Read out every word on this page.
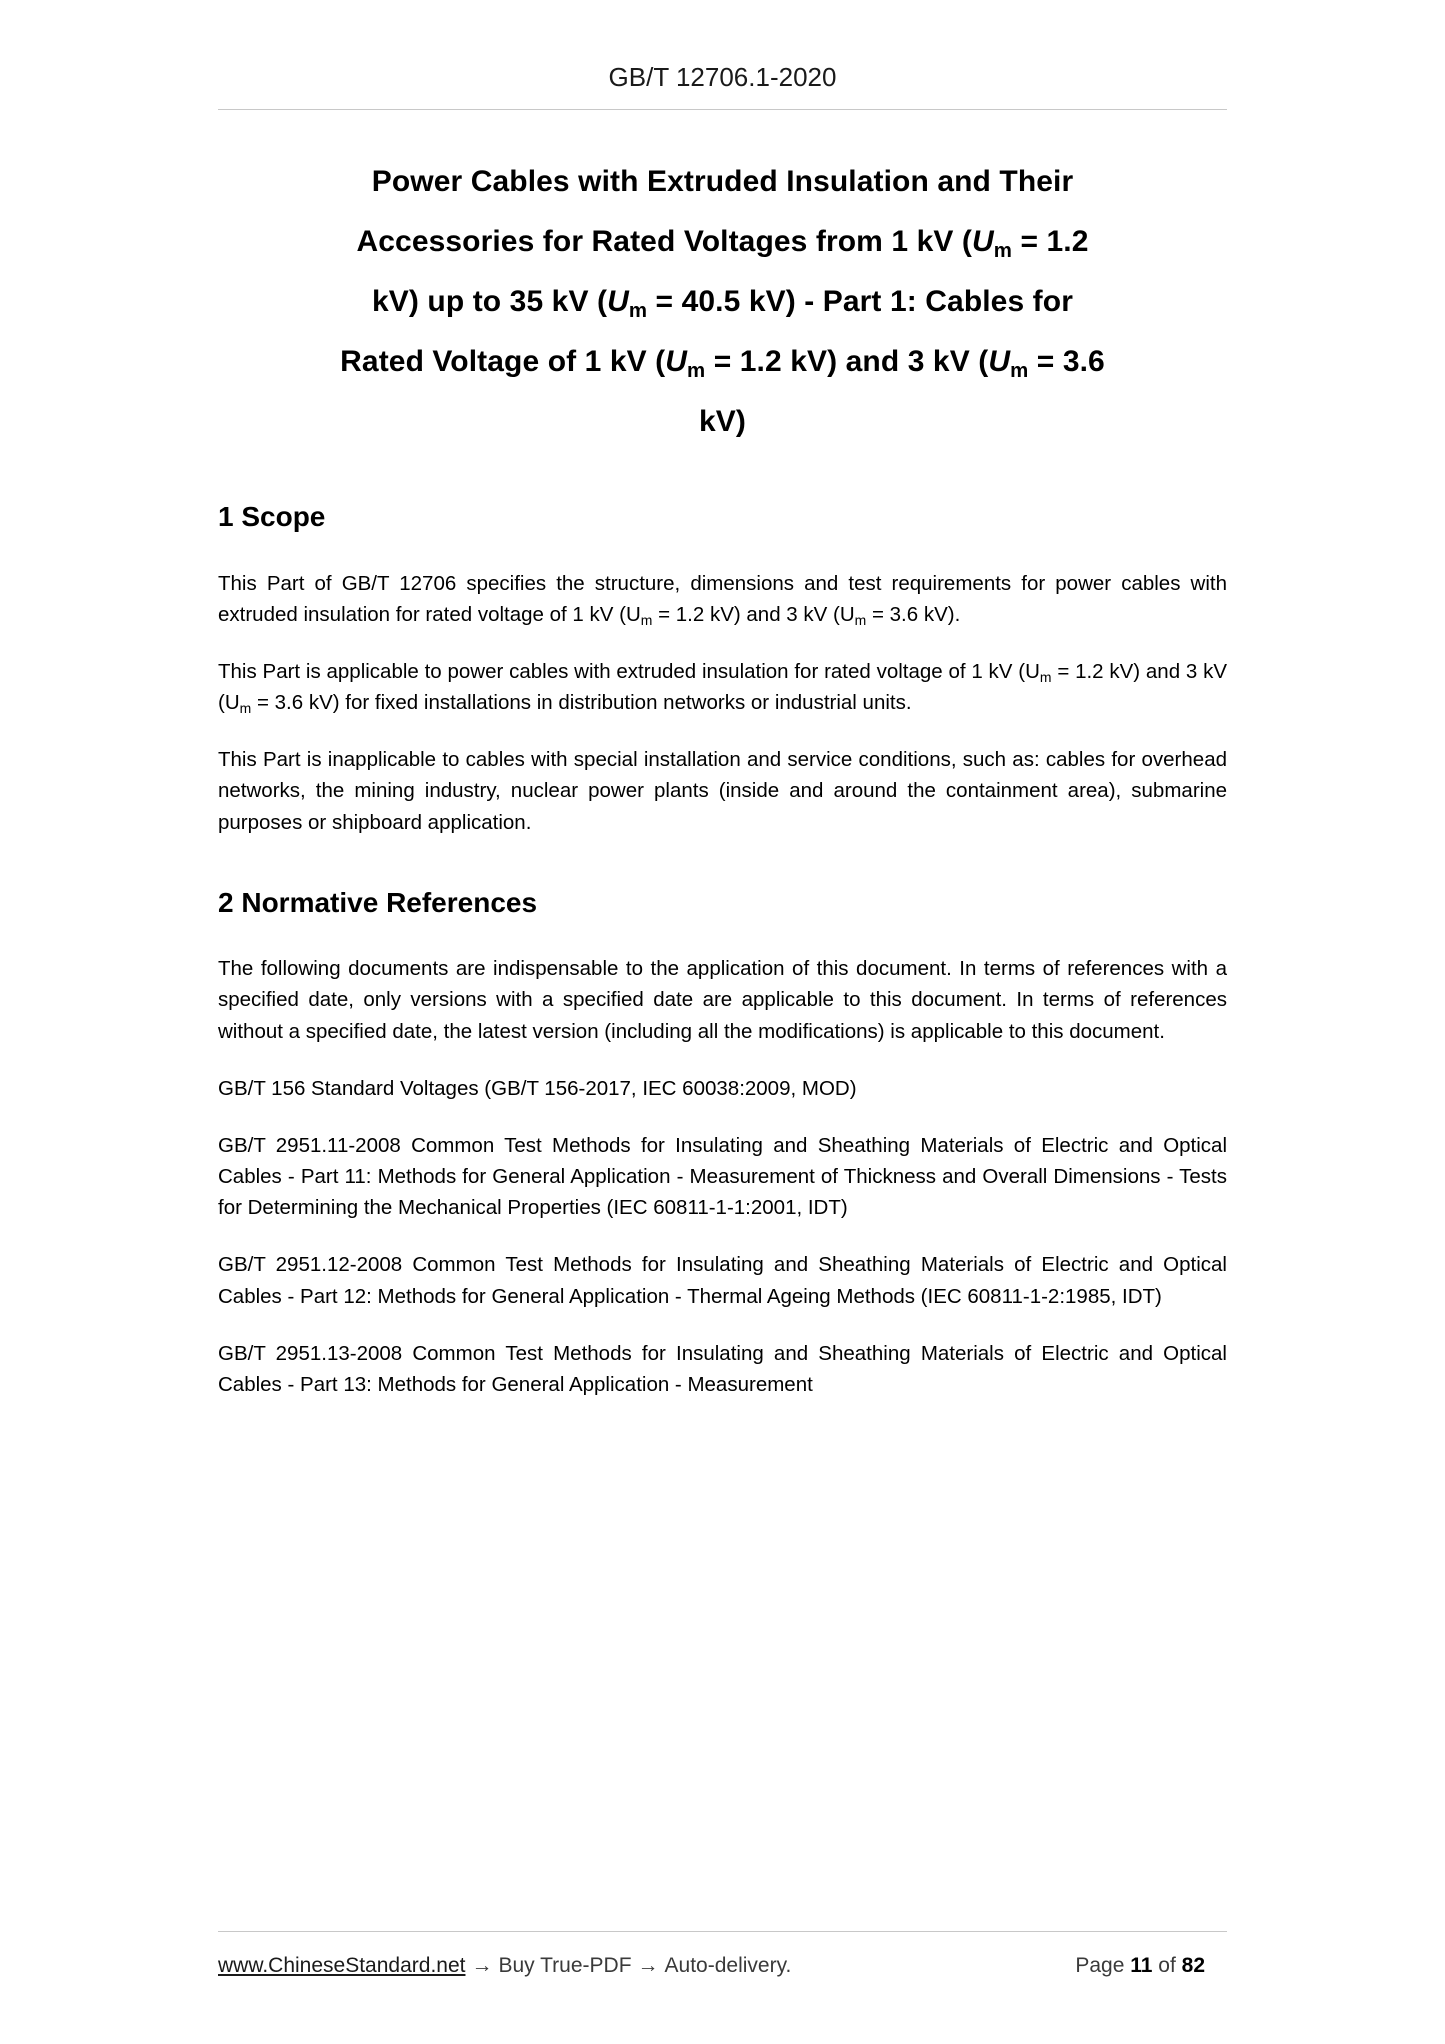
GB/T 12706.1-2020
Power Cables with Extruded Insulation and Their
Accessories for Rated Voltages from 1 kV ($U_m = 1.2$
kV) up to 35 kV ($U_m = 40.5$ kV) - Part 1: Cables for
Rated Voltage of 1 kV ($U_m = 1.2$ kV) and 3 kV ($U_m = 3.6$
kV)
1 Scope

This Part of GB/T 12706 specifies the structure, dimensions and test requirements for power cables with extruded insulation for rated voltage of 1 kV ($U_m = 1.2$ kV) and 3 kV ($U_m = 3.6$ kV).

This Part is applicable to power cables with extruded insulation for rated voltage of 1 kV ($U_m = 1.2$ kV) and 3 kV ($U_m = 3.6$ kV) for fixed installations in distribution networks or industrial units.

This Part is inapplicable to cables with special installation and service conditions, such as: cables for overhead networks, the mining industry, nuclear power plants (inside and around the containment area), submarine purposes or shipboard application.

2 Normative References

The following documents are indispensable to the application of this document. In terms of references with a specified date, only versions with a specified date are applicable to this document. In terms of references without a specified date, the latest version (including all the modifications) is applicable to this document.

GB/T 156 Standard Voltages (GB/T 156-2017, IEC 60038:2009, MOD)

GB/T 2951.11-2008 Common Test Methods for Insulating and Sheathing Materials of Electric and Optical Cables - Part 11: Methods for General Application - Measurement of Thickness and Overall Dimensions - Tests for Determining the Mechanical Properties (IEC 60811-1-1:2001, IDT)

GB/T 2951.12-2008 Common Test Methods for Insulating and Sheathing Materials of Electric and Optical Cables - Part 12: Methods for General Application - Thermal Ageing Methods (IEC 60811-1-2:1985, IDT)

GB/T 2951.13-2008 Common Test Methods for Insulating and Sheathing Materials of Electric and Optical Cables - Part 13: Methods for General Application - Measurement

www.ChineseStandard.net → Buy True-PDF → Auto-delivery.	Page 11 of 82
